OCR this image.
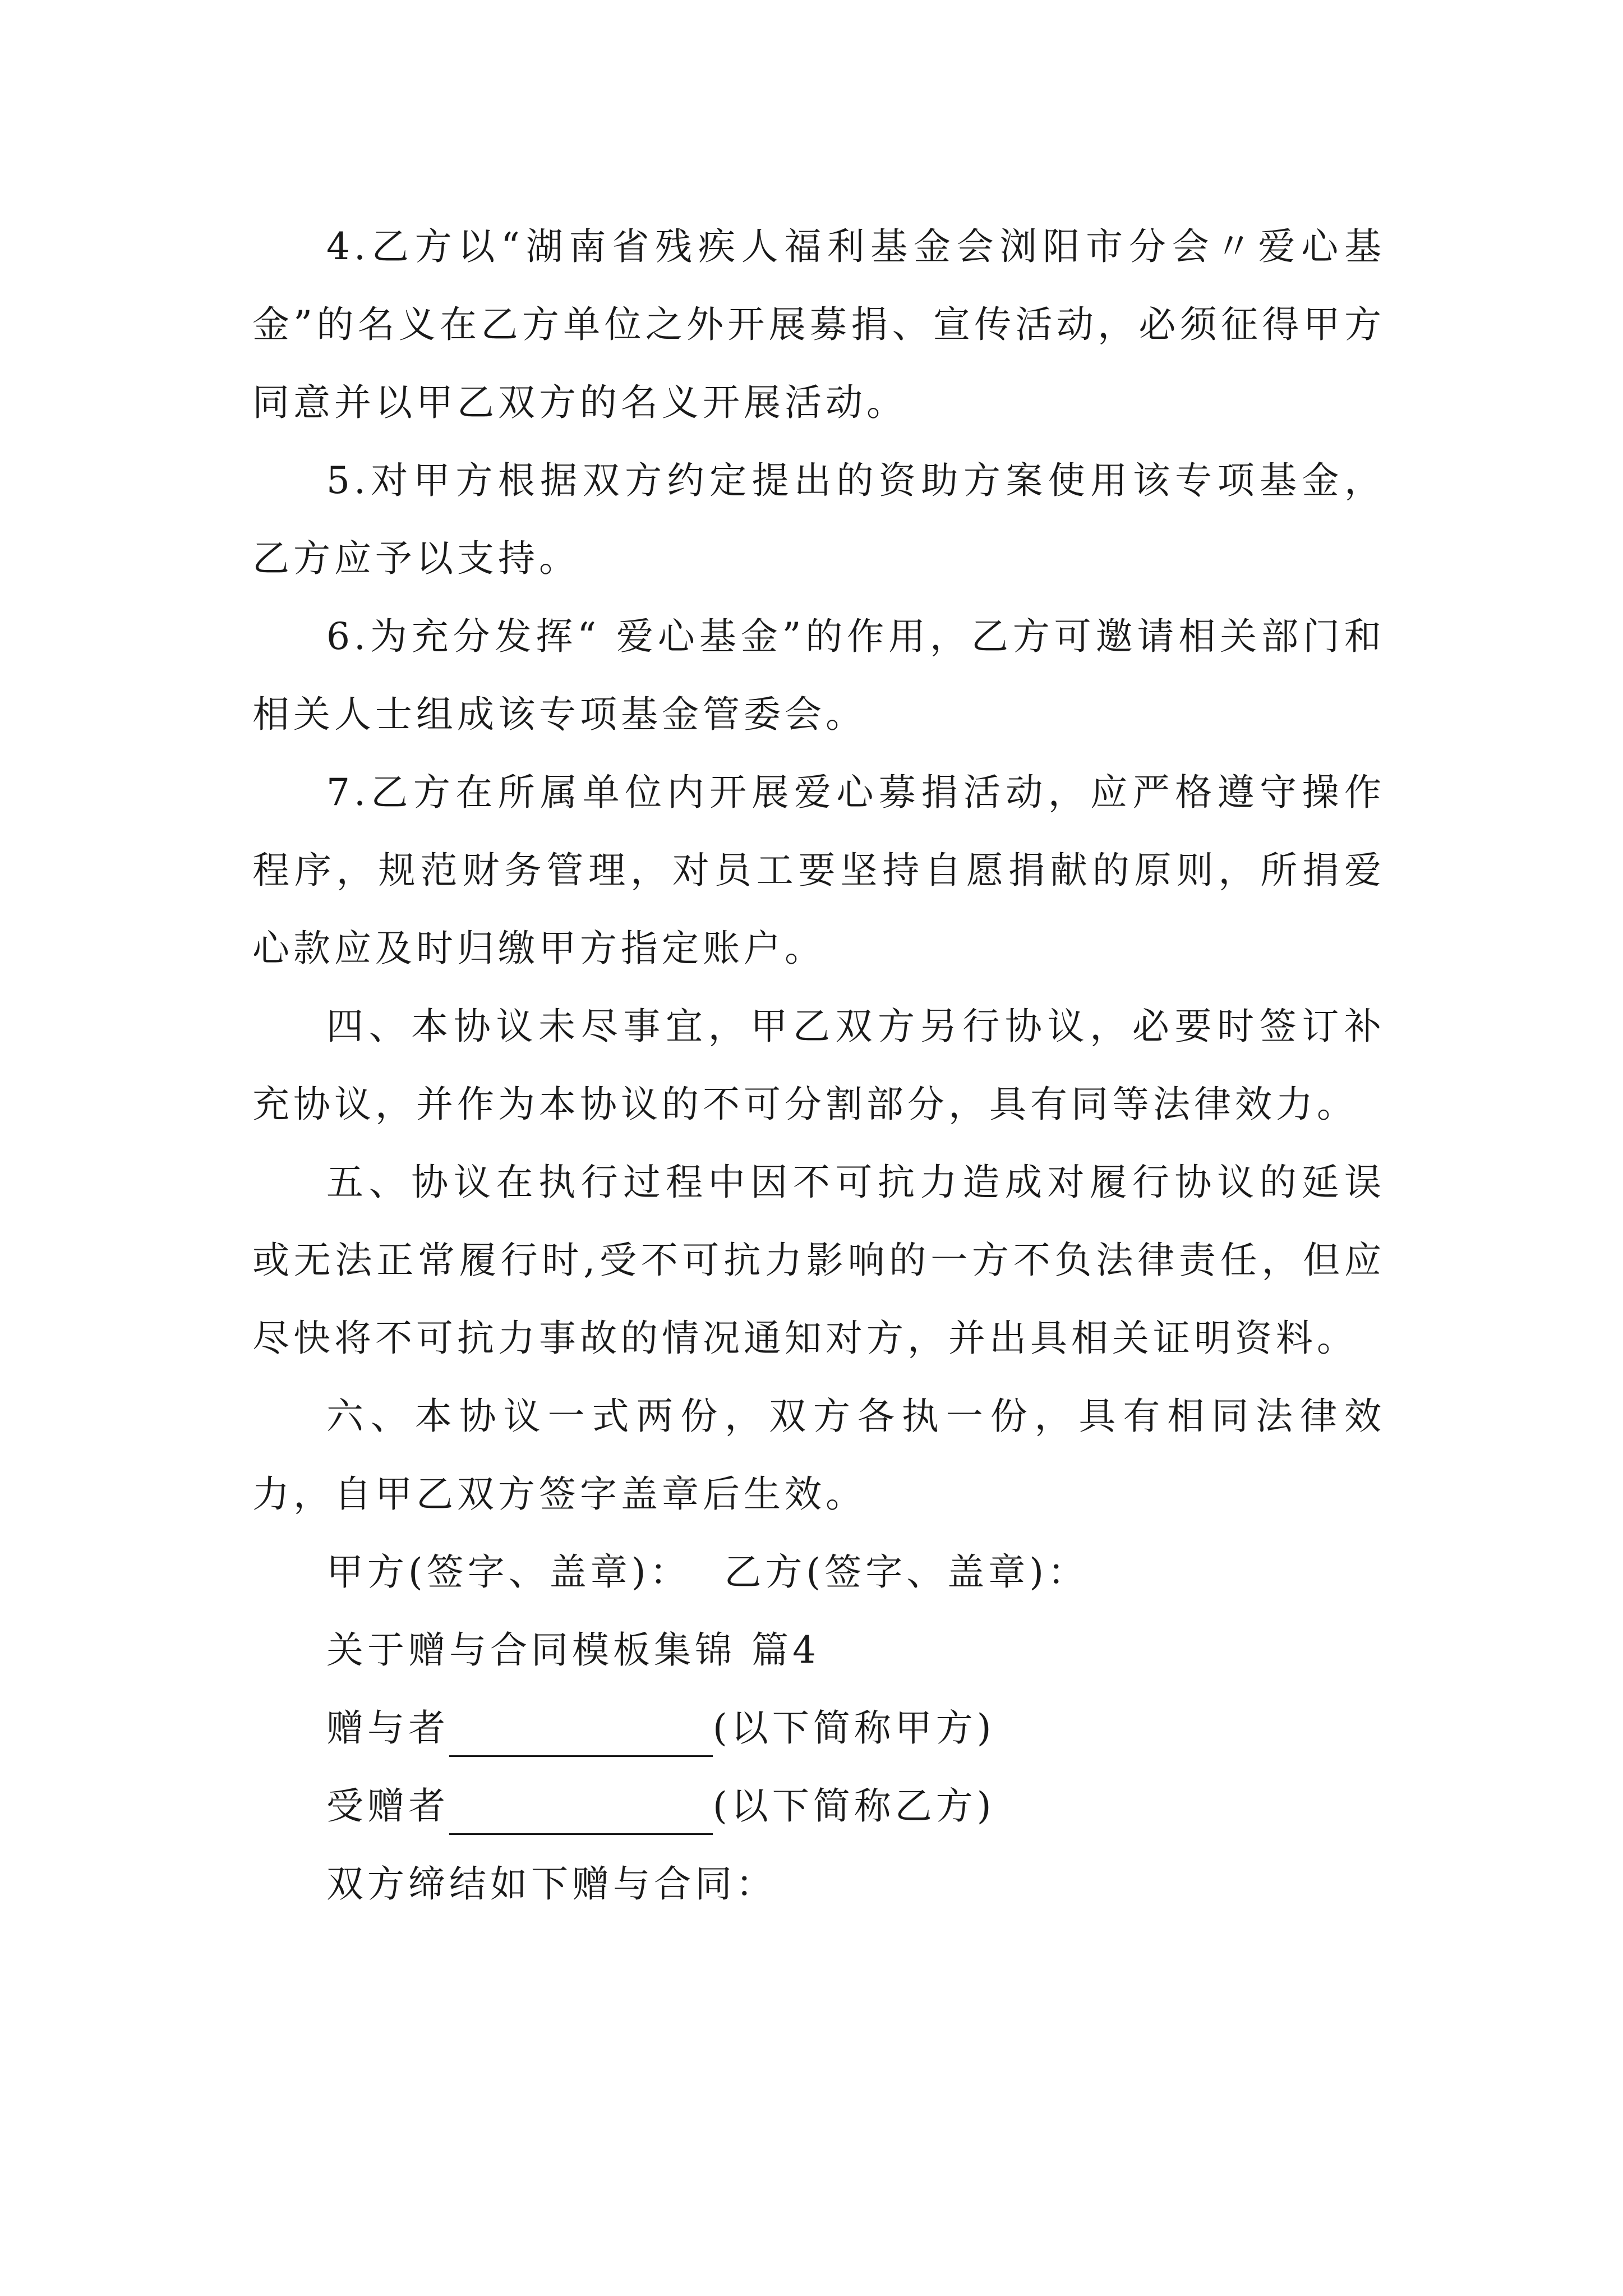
4.乙方以“湖南省残疾人福利基金会浏阳市分会〃爱心基金”的名义在乙方单位之外开展募捐、宣传活动，必须征得甲方同意并以甲乙双方的名义开展活动。

5.对甲方根据双方约定提出的资助方案使用该专项基金，乙方应予以支持。

6.为充分发挥“ 爱心基金”的作用，乙方可邀请相关部门和相关人士组成该专项基金管委会。

7.乙方在所属单位内开展爱心募捐活动，应严格遵守操作程序，规范财务管理，对员工要坚持自愿捐献的原则，所捐爱心款应及时归缴甲方指定账户。

四、本协议未尽事宜，甲乙双方另行协议，必要时签订补充协议，并作为本协议的不可分割部分，具有同等法律效力。

五、协议在执行过程中因不可抗力造成对履行协议的延误或无法正常履行时,受不可抗力影响的一方不负法律责任，但应尽快将不可抗力事故的情况通知对方，并出具相关证明资料。

六、本协议一式两份，双方各执一份，具有相同法律效力，自甲乙双方签字盖章后生效。

甲方(签字、盖章)： 乙方(签字、盖章)：

关于赠与合同模板集锦 篇4

赠与者	(以下简称甲方)

受赠者	(以下简称乙方)

双方缔结如下赠与合同：
